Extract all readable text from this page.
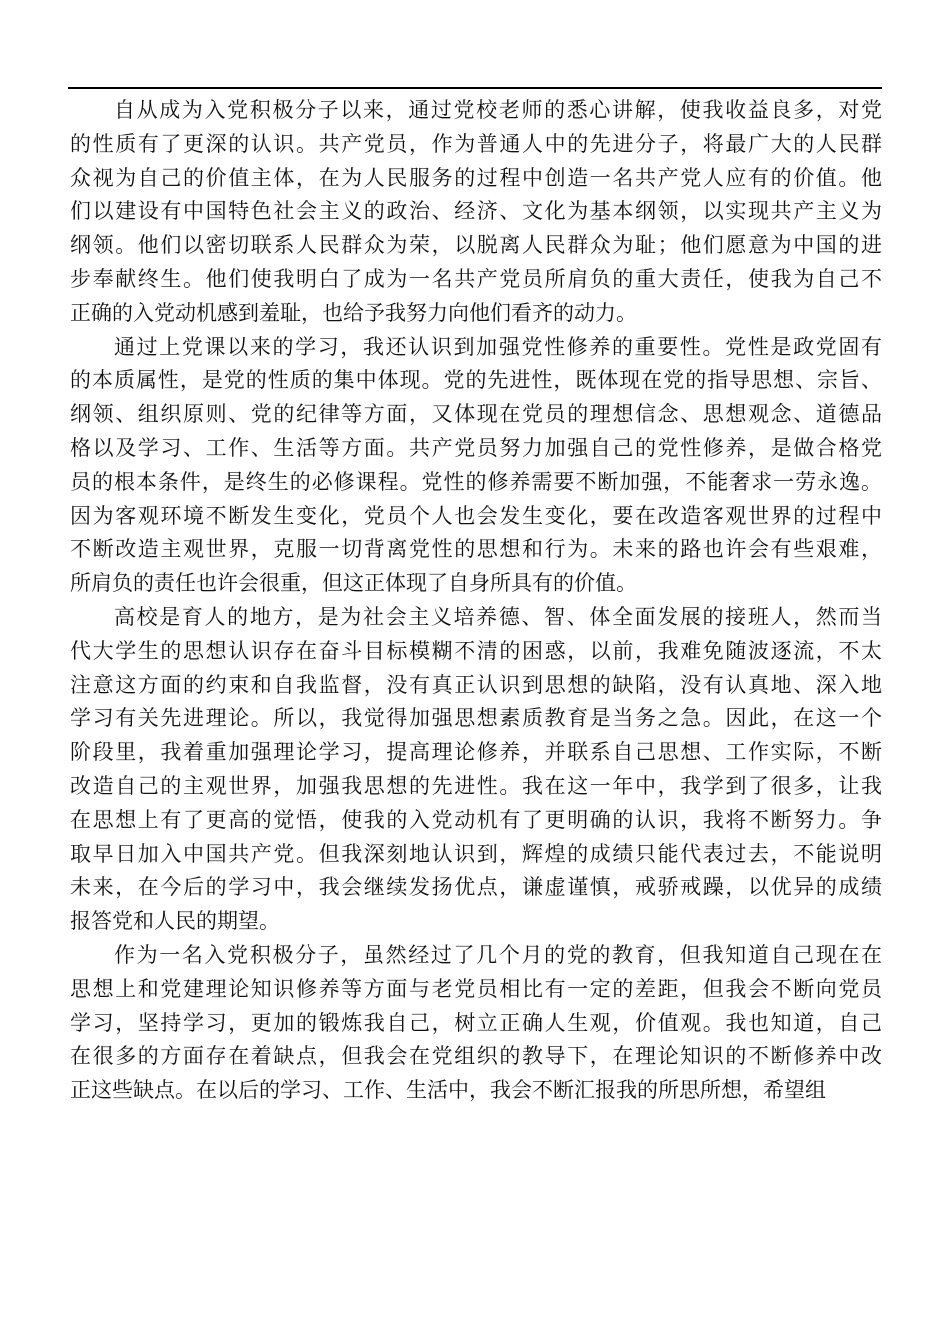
自从成为入党积极分子以来，通过党校老师的悉心讲解，使我收益良多，对党
的性质有了更深的认识。共产党员，作为普通人中的先进分子，将最广大的人民群
众视为自己的价值主体，在为人民服务的过程中创造一名共产党人应有的价值。他
们以建设有中国特色社会主义的政治、经济、文化为基本纲领，以实现共产主义为
纲领。他们以密切联系人民群众为荣，以脱离人民群众为耻；他们愿意为中国的进
步奉献终生。他们使我明白了成为一名共产党员所肩负的重大责任，使我为自己不
正确的入党动机感到羞耻，也给予我努力向他们看齐的动力。
通过上党课以来的学习，我还认识到加强党性修养的重要性。党性是政党固有
的本质属性，是党的性质的集中体现。党的先进性，既体现在党的指导思想、宗旨、
纲领、组织原则、党的纪律等方面，又体现在党员的理想信念、思想观念、道德品
格以及学习、工作、生活等方面。共产党员努力加强自己的党性修养，是做合格党
员的根本条件，是终生的必修课程。党性的修养需要不断加强，不能奢求一劳永逸。
因为客观环境不断发生变化，党员个人也会发生变化，要在改造客观世界的过程中
不断改造主观世界，克服一切背离党性的思想和行为。未来的路也许会有些艰难，
所肩负的责任也许会很重，但这正体现了自身所具有的价值。
高校是育人的地方，是为社会主义培养德、智、体全面发展的接班人，然而当
代大学生的思想认识存在奋斗目标模糊不清的困惑，以前，我难免随波逐流，不太
注意这方面的约束和自我监督，没有真正认识到思想的缺陷，没有认真地、深入地
学习有关先进理论。所以，我觉得加强思想素质教育是当务之急。因此，在这一个
阶段里，我着重加强理论学习，提高理论修养，并联系自己思想、工作实际，不断
改造自己的主观世界，加强我思想的先进性。我在这一年中，我学到了很多，让我
在思想上有了更高的觉悟，使我的入党动机有了更明确的认识，我将不断努力。争
取早日加入中国共产党。但我深刻地认识到，辉煌的成绩只能代表过去，不能说明
未来，在今后的学习中，我会继续发扬优点，谦虚谨慎，戒骄戒躁，以优异的成绩
报答党和人民的期望。
作为一名入党积极分子，虽然经过了几个月的党的教育，但我知道自己现在在
思想上和党建理论知识修养等方面与老党员相比有一定的差距，但我会不断向党员
学习，坚持学习，更加的锻炼我自己，树立正确人生观，价值观。我也知道，自己
在很多的方面存在着缺点，但我会在党组织的教导下，在理论知识的不断修养中改
正这些缺点。在以后的学习、工作、生活中，我会不断汇报我的所思所想，希望组
